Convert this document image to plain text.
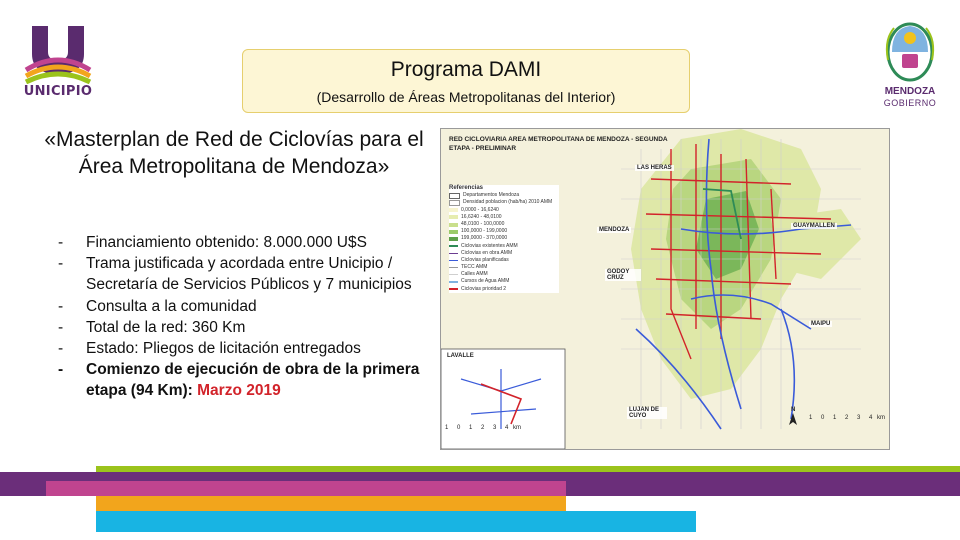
UNICIPIO
Programa DAMI
(Desarrollo de Áreas Metropolitanas del Interior)	MENDOZA
GOBIERNO
«Masterplan de Red de Ciclovías para el Área Metropolitana de Mendoza»
- Financiamiento obtenido: 8.000.000 U$S
- Trama justificada y acordada entre Unicipio / Secretaría de Servicios Públicos y 7 municipios
- Consulta a la comunidad
- Total de la red: 360 Km
- Estado: Pliegos de licitación entregados
- Comienzo de ejecución de obra de la primera etapa (94 Km): Marzo 2019
RED CICLOVIARIA AREA METROPOLITANA DE MENDOZA - SEGUNDA ETAPA - PRELIMINAR
Referencias
Departamentos Mendoza
Densidad poblacion (hab/ha) 2010 AMM
0,0000 - 16,6240
16,6240 - 48,0100
48,0100 - 100,0000
100,0000 - 199,0000
199,0000 - 370,0000
Ciclovias existentes AMM
Ciclovias en obra AMM
Ciclovias planificadas
TECC AMM
Calles AMM
Cursos de Agua AMM
Ciclovias prioridad 2
LAS HERAS
MENDOZA
GUAYMALLEN
GODOY CRUZ
MAIPU
LAVALLE
LUJAN DE CUYO
1	0	1	2	3	4 km
1	0	1	2	3	4 km
N
